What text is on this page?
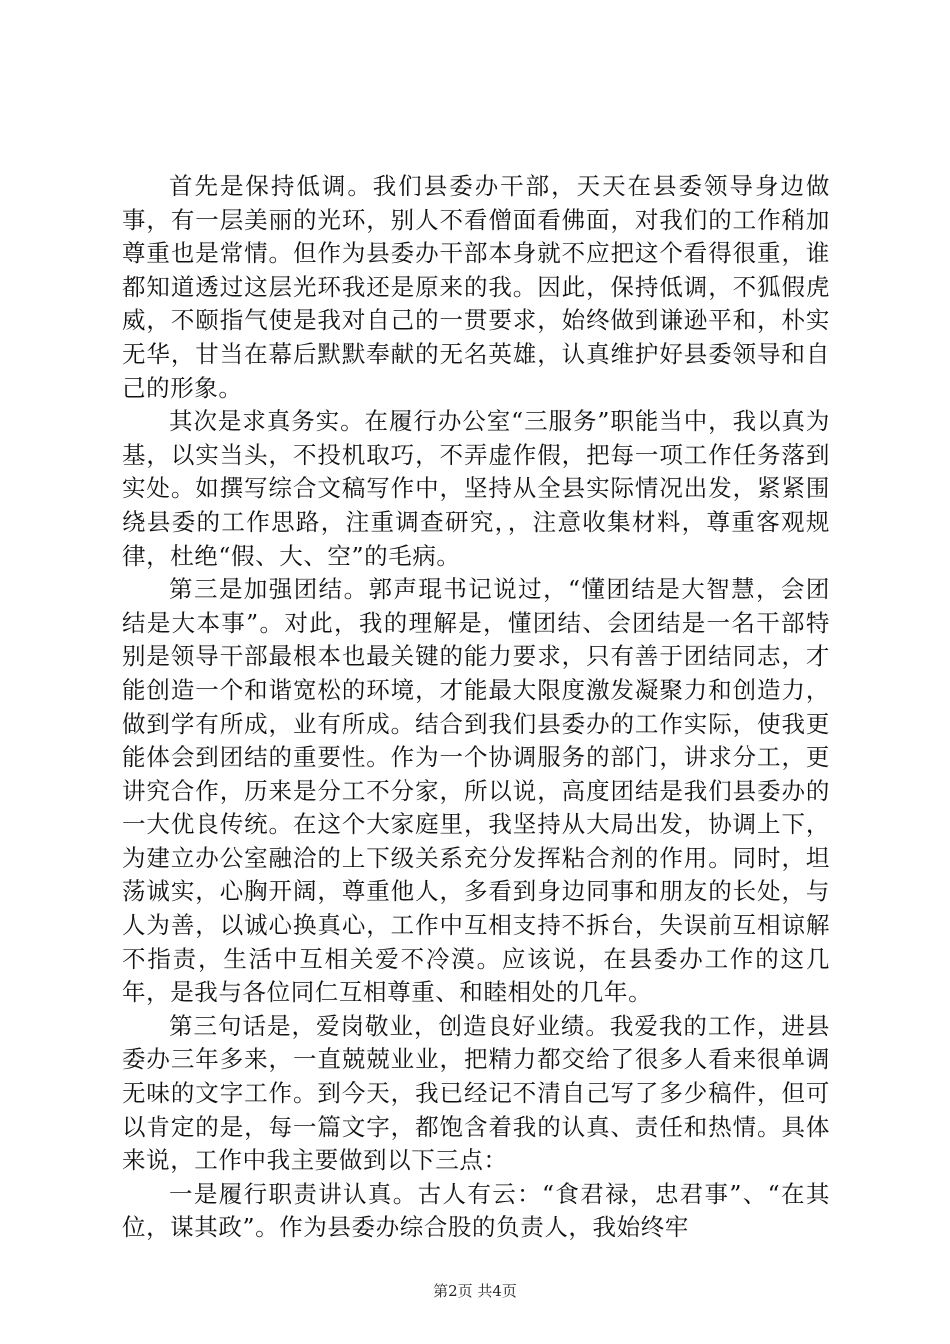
首先是保持低调。我们县委办干部，天天在县委领导身边做事，有一层美丽的光环，别人不看僧面看佛面，对我们的工作稍加尊重也是常情。但作为县委办干部本身就不应把这个看得很重，谁都知道透过这层光环我还是原来的我。因此，保持低调，不狐假虎威，不颐指气使是我对自己的一贯要求，始终做到谦逊平和，朴实无华，甘当在幕后默默奉献的无名英雄，认真维护好县委领导和自己的形象。

其次是求真务实。在履行办公室“三服务”职能当中，我以真为基，以实当头，不投机取巧，不弄虚作假，把每一项工作任务落到实处。如撰写综合文稿写作中，坚持从全县实际情况出发，紧紧围绕县委的工作思路，注重调查研究，，注意收集材料，尊重客观规律，杜绝“假、大、空”的毛病。

第三是加强团结。郭声琨书记说过，“懂团结是大智慧，会团结是大本事”。对此，我的理解是，懂团结、会团结是一名干部特别是领导干部最根本也最关键的能力要求，只有善于团结同志，才能创造一个和谐宽松的环境，才能最大限度激发凝聚力和创造力，做到学有所成，业有所成。结合到我们县委办的工作实际，使我更能体会到团结的重要性。作为一个协调服务的部门，讲求分工，更讲究合作，历来是分工不分家，所以说，高度团结是我们县委办的一大优良传统。在这个大家庭里，我坚持从大局出发，协调上下，为建立办公室融洽的上下级关系充分发挥粘合剂的作用。同时，坦荡诚实，心胸开阔，尊重他人，多看到身边同事和朋友的长处，与人为善，以诚心换真心，工作中互相支持不拆台，失误前互相谅解不指责，生活中互相关爱不冷漠。应该说，在县委办工作的这几年，是我与各位同仁互相尊重、和睦相处的几年。

第三句话是，爱岗敬业，创造良好业绩。我爱我的工作，进县委办三年多来，一直兢兢业业，把精力都交给了很多人看来很单调无味的文字工作。到今天，我已经记不清自己写了多少稿件，但可以肯定的是，每一篇文字，都饱含着我的认真、责任和热情。具体来说，工作中我主要做到以下三点：

一是履行职责讲认真。古人有云：“食君禄，忠君事”、“在其位，谋其政”。作为县委办综合股的负责人，我始终牢

第2页 共4页
